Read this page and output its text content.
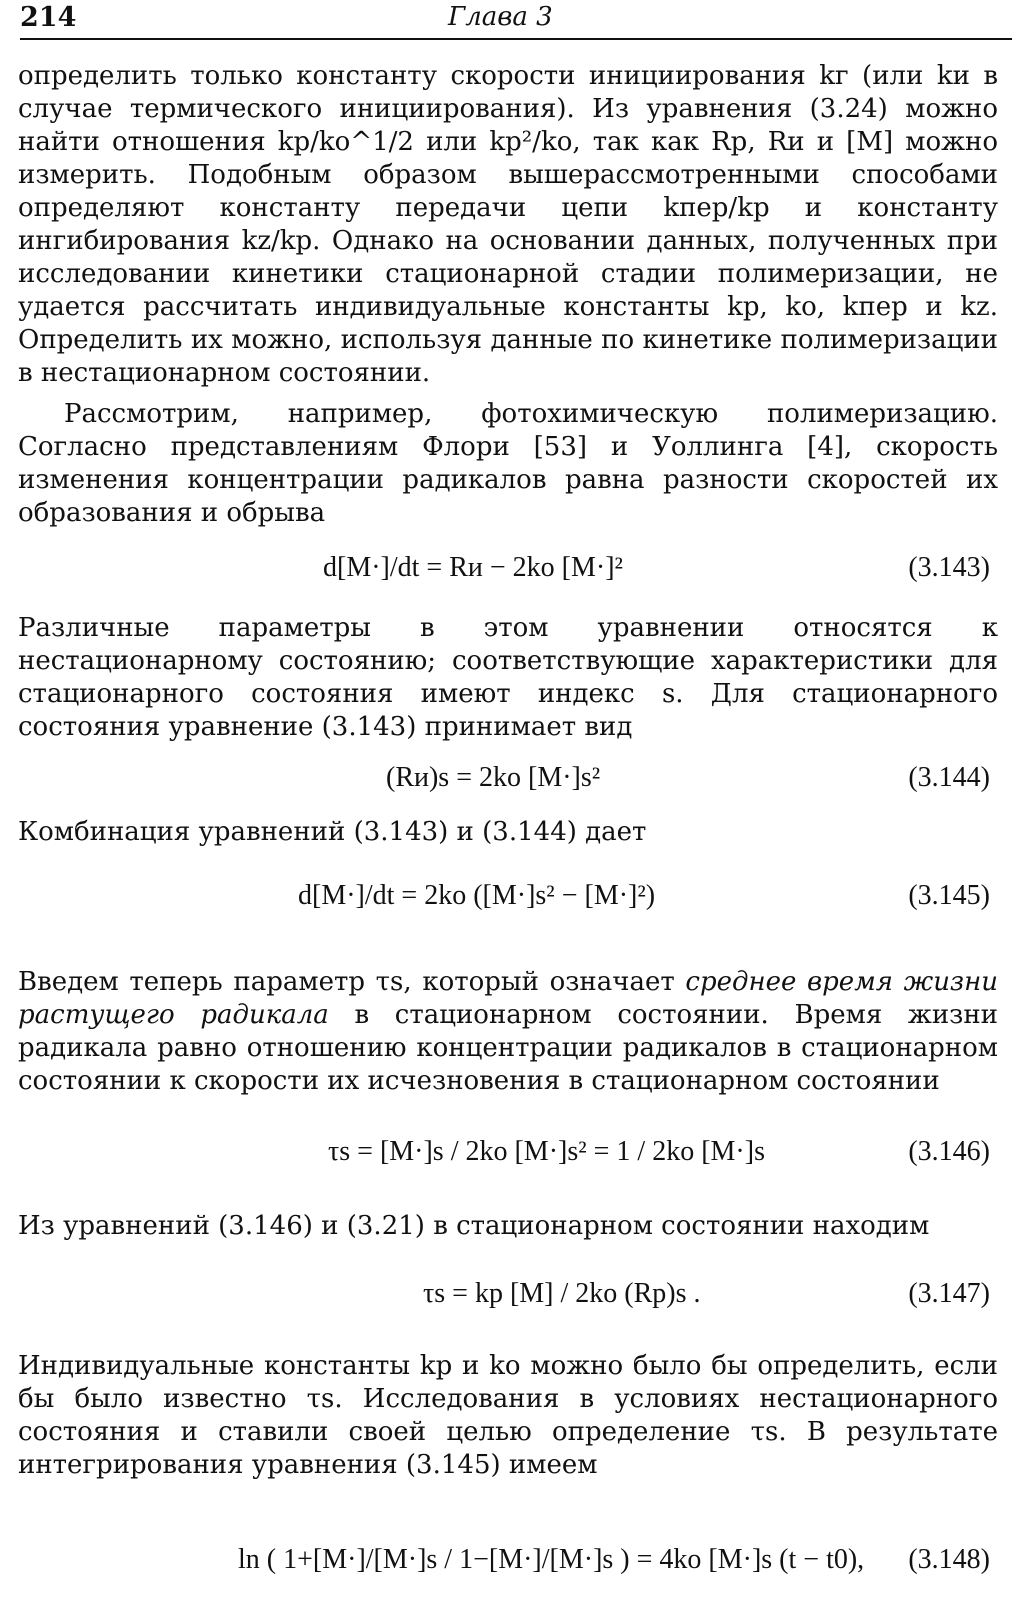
214	Глава 3

определить только константу скорости инициирования kг (или kи в случае термического инициирования). Из уравнения (3.24) можно найти отношения kp/ko^1/2 или kp²/ko, так как Rp, Rи и [M] можно измерить. Подобным образом вышерассмотренными способами определяют константу передачи цепи kпер/kp и константу ингибирования kz/kp. Однако на основании данных, полученных при исследовании кинетики стационарной стадии полимеризации, не удается рассчитать индивидуальные константы kp, ko, kпер и kz. Определить их можно, используя данные по кинетике полимеризации в нестационарном состоянии.

Рассмотрим, например, фотохимическую полимеризацию. Согласно представлениям Флори [53] и Уоллинга [4], скорость изменения концентрации радикалов равна разности скоростей их образования и обрыва

d[M·]/dt = Rи − 2ko [M·]²	(3.143)

Различные параметры в этом уравнении относятся к нестационарному состоянию; соответствующие характеристики для стационарного состояния имеют индекс s. Для стационарного состояния уравнение (3.143) принимает вид

(Rи)s = 2ko [M·]s²	(3.144)

Комбинация уравнений (3.143) и (3.144) дает

d[M·]/dt = 2ko ([M·]s² − [M·]²)	(3.145)

Введем теперь параметр τs, который означает среднее время жизни растущего радикала в стационарном состоянии. Время жизни радикала равно отношению концентрации радикалов в стационарном состоянии к скорости их исчезновения в стационарном состоянии

τs = [M·]s / 2ko [M·]s² = 1 / 2ko [M·]s	(3.146)

Из уравнений (3.146) и (3.21) в стационарном состоянии находим

τs = kp [M] / 2ko (Rp)s .	(3.147)

Индивидуальные константы kp и ko можно было бы определить, если бы было известно τs. Исследования в условиях нестационарного состояния и ставили своей целью определение τs. В результате интегрирования уравнения (3.145) имеем

ln ( 1+[M·]/[M·]s / 1−[M·]/[M·]s ) = 4ko [M·]s (t − t0), (3.148)
